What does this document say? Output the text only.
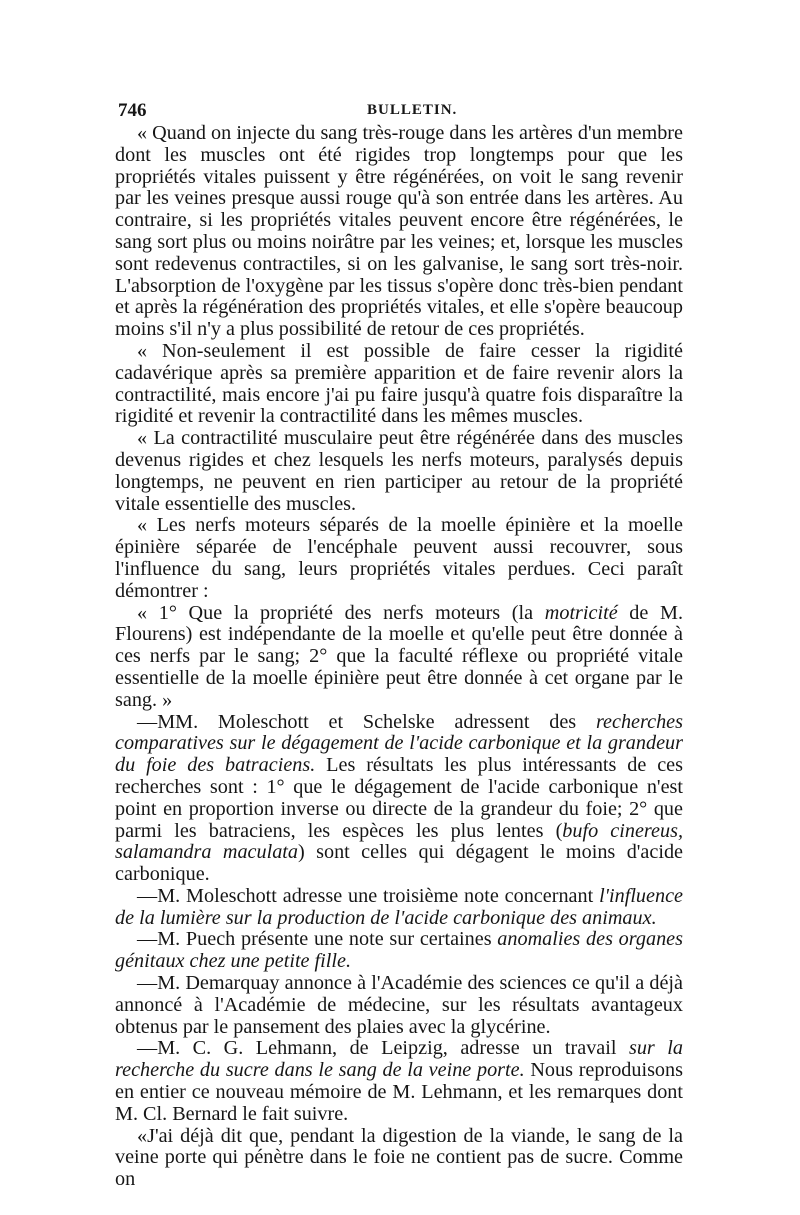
746	BULLETIN.

« Quand on injecte du sang très-rouge dans les artères d'un membre dont les muscles ont été rigides trop longtemps pour que les propriétés vitales puissent y être régénérées, on voit le sang revenir par les veines presque aussi rouge qu'à son entrée dans les artères. Au contraire, si les propriétés vitales peuvent encore être régénérées, le sang sort plus ou moins noirâtre par les veines; et, lorsque les muscles sont redevenus contractiles, si on les galvanise, le sang sort très-noir. L'absorption de l'oxygène par les tissus s'opère donc très-bien pendant et après la régénération des propriétés vitales, et elle s'opère beaucoup moins s'il n'y a plus possibilité de retour de ces propriétés.

« Non-seulement il est possible de faire cesser la rigidité cadavérique après sa première apparition et de faire revenir alors la contractilité, mais encore j'ai pu faire jusqu'à quatre fois disparaître la rigidité et revenir la contractilité dans les mêmes muscles.

« La contractilité musculaire peut être régénérée dans des muscles devenus rigides et chez lesquels les nerfs moteurs, paralysés depuis longtemps, ne peuvent en rien participer au retour de la propriété vitale essentielle des muscles.

« Les nerfs moteurs séparés de la moelle épinière et la moelle épinière séparée de l'encéphale peuvent aussi recouvrer, sous l'influence du sang, leurs propriétés vitales perdues. Ceci paraît démontrer :

« 1° Que la propriété des nerfs moteurs (la motricité de M. Flourens) est indépendante de la moelle et qu'elle peut être donnée à ces nerfs par le sang; 2° que la faculté réflexe ou propriété vitale essentielle de la moelle épinière peut être donnée à cet organe par le sang. »

—MM. Moleschott et Schelske adressent des recherches comparatives sur le dégagement de l'acide carbonique et la grandeur du foie des batraciens. Les résultats les plus intéressants de ces recherches sont : 1° que le dégagement de l'acide carbonique n'est point en proportion inverse ou directe de la grandeur du foie; 2° que parmi les batraciens, les espèces les plus lentes (bufo cinereus, salamandra maculata) sont celles qui dégagent le moins d'acide carbonique.

—M. Moleschott adresse une troisième note concernant l'influence de la lumière sur la production de l'acide carbonique des animaux.

—M. Puech présente une note sur certaines anomalies des organes génitaux chez une petite fille.

—M. Demarquay annonce à l'Académie des sciences ce qu'il a déjà annoncé à l'Académie de médecine, sur les résultats avantageux obtenus par le pansement des plaies avec la glycérine.

—M. C. G. Lehmann, de Leipzig, adresse un travail sur la recherche du sucre dans le sang de la veine porte. Nous reproduisons en entier ce nouveau mémoire de M. Lehmann, et les remarques dont M. Cl. Bernard le fait suivre.

«J'ai déjà dit que, pendant la digestion de la viande, le sang de la veine porte qui pénètre dans le foie ne contient pas de sucre. Comme on
